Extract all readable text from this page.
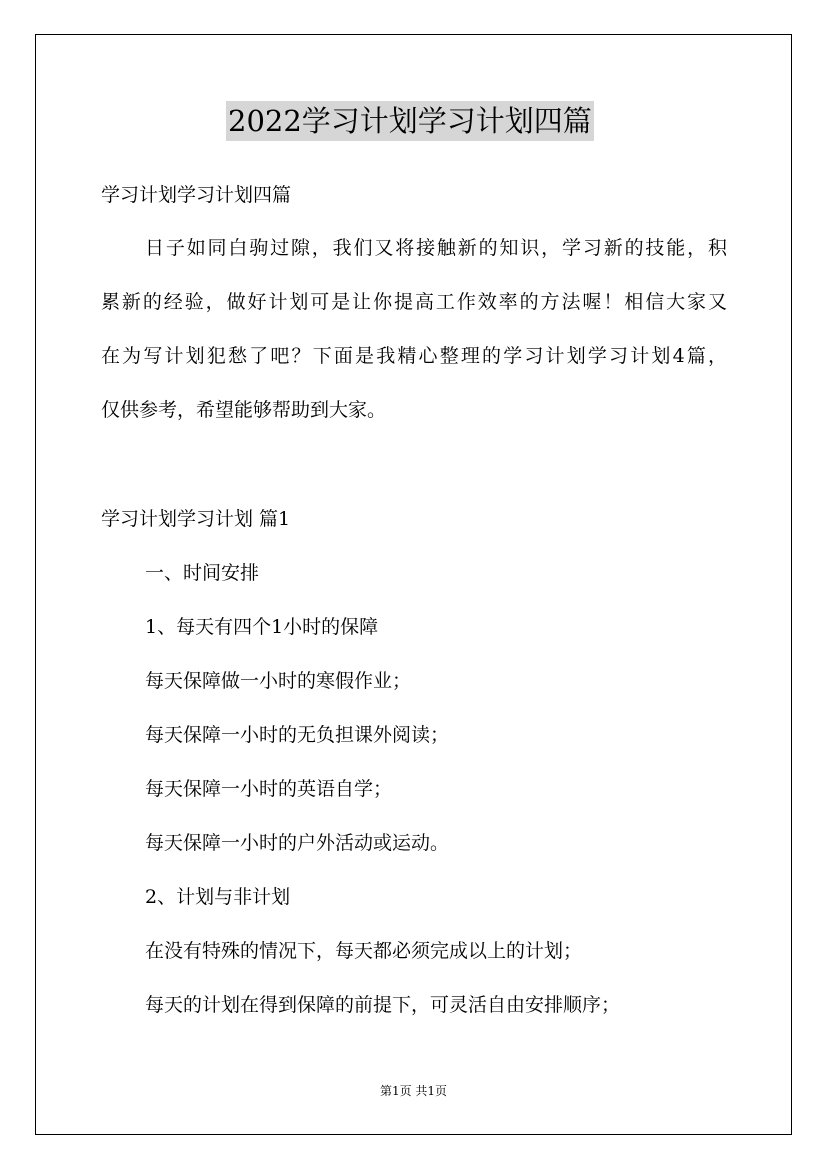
2022学习计划学习计划四篇
学习计划学习计划四篇
日子如同白驹过隙，我们又将接触新的知识，学习新的技能，积
累新的经验，做好计划可是让你提高工作效率的方法喔！相信大家又
在为写计划犯愁了吧？下面是我精心整理的学习计划学习计划4篇，
仅供参考，希望能够帮助到大家。
学习计划学习计划 篇1
一、时间安排
1、每天有四个1小时的保障
每天保障做一小时的寒假作业；
每天保障一小时的无负担课外阅读；
每天保障一小时的英语自学；
每天保障一小时的户外活动或运动。
2、计划与非计划
在没有特殊的情况下，每天都必须完成以上的计划；
每天的计划在得到保障的前提下，可灵活自由安排顺序；
第1页 共1页
